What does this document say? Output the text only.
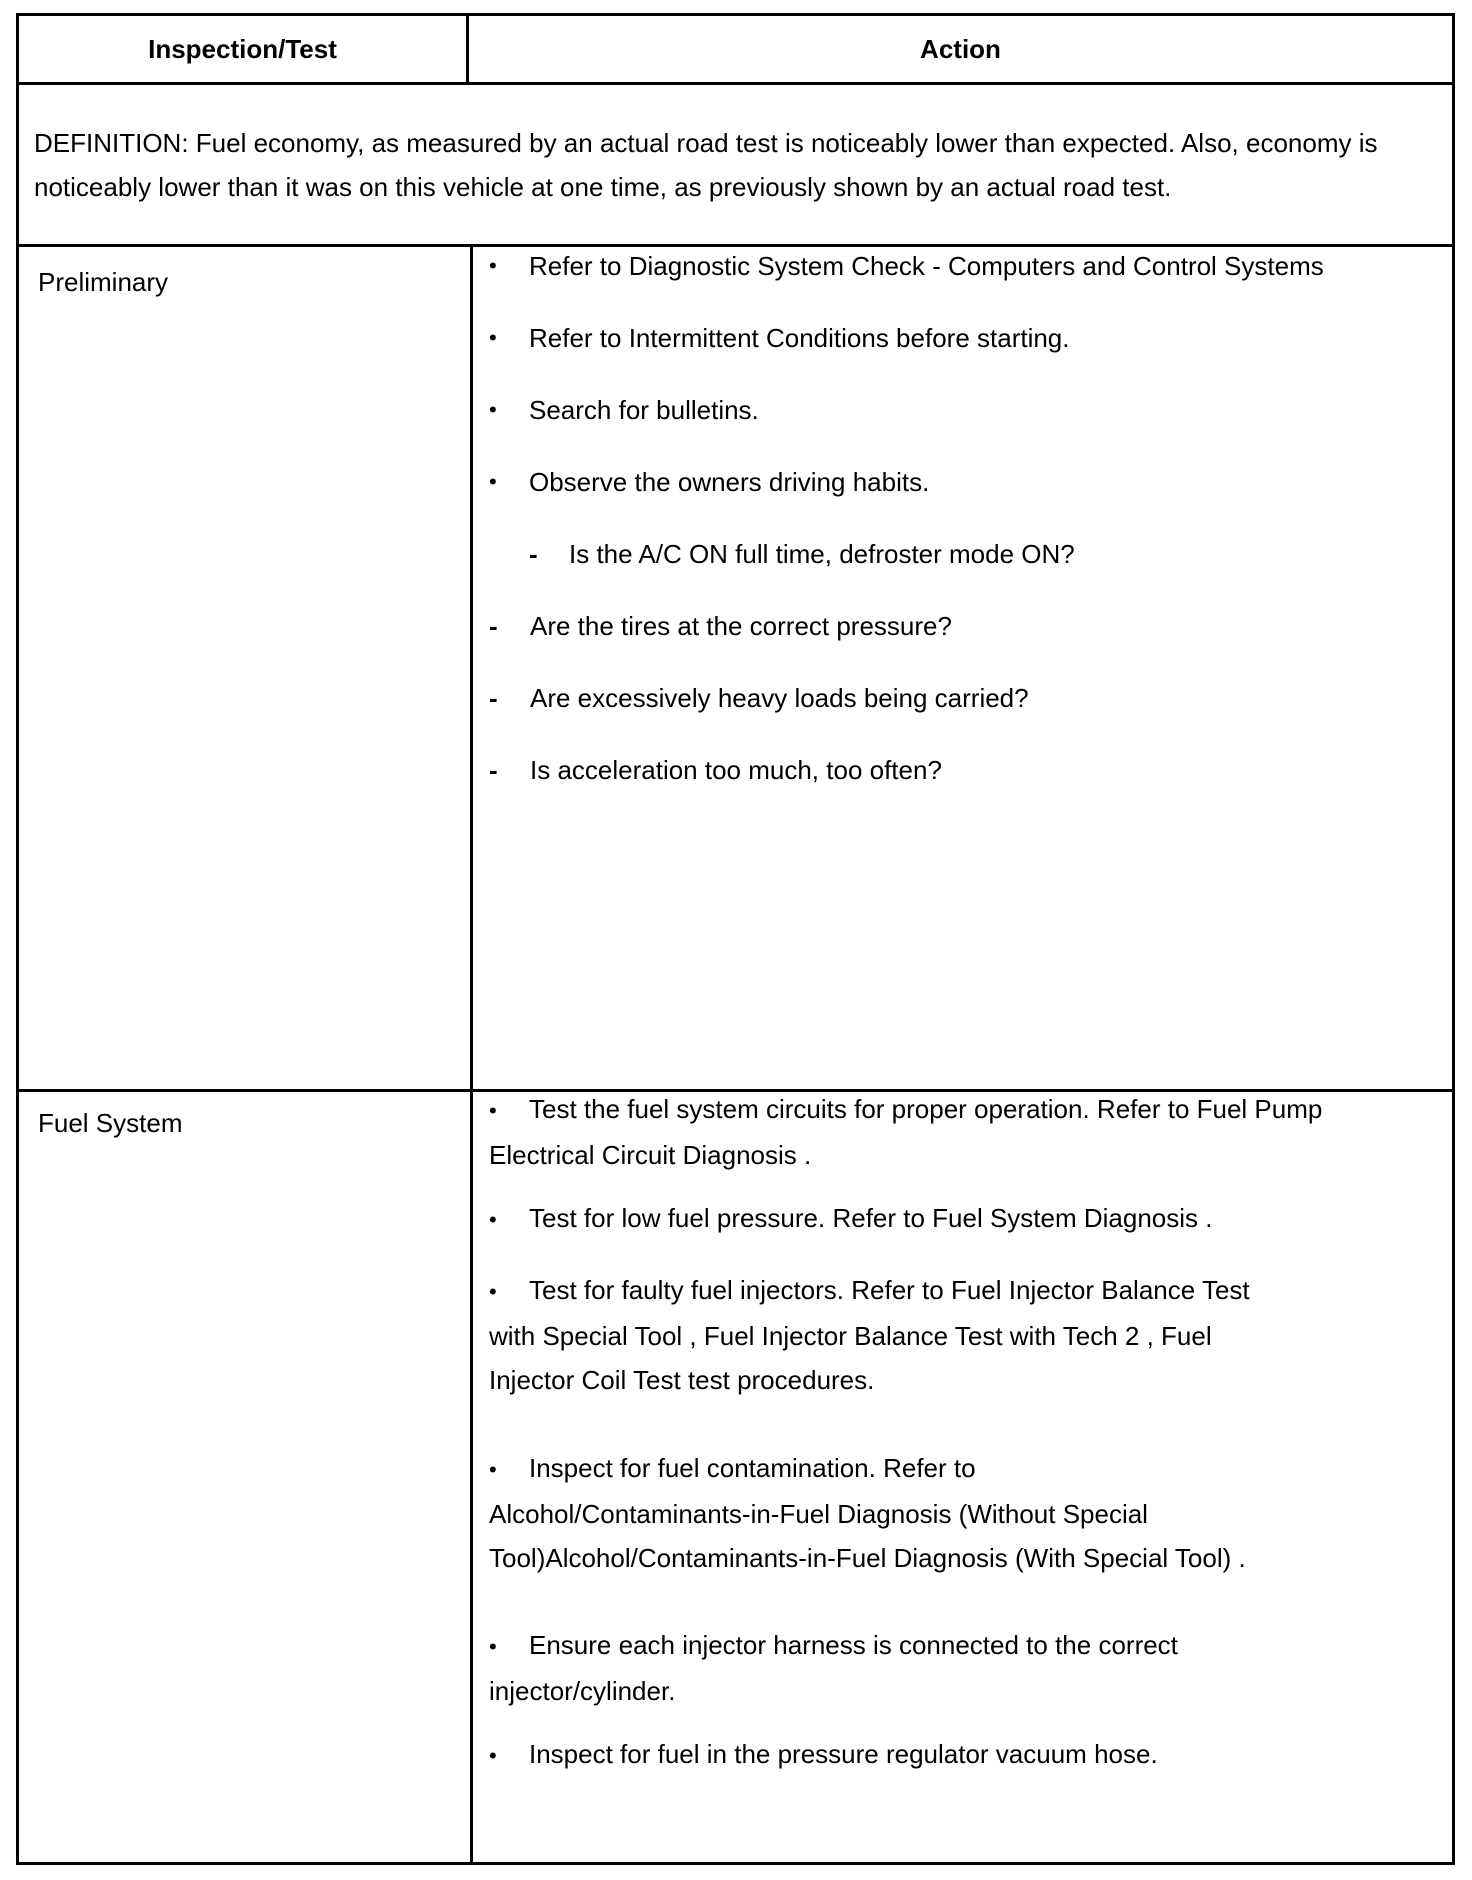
Inspection/Test	Action
DEFINITION: Fuel economy, as measured by an actual road test is noticeably lower than expected. Also, economy is noticeably lower than it was on this vehicle at one time, as previously shown by an actual road test.
Preliminary
• Refer to Diagnostic System Check - Computers and Control Systems
• Refer to Intermittent Conditions before starting.
• Search for bulletins.
• Observe the owners driving habits.
- Is the A/C ON full time, defroster mode ON?
- Are the tires at the correct pressure?
- Are excessively heavy loads being carried?
- Is acceleration too much, too often?
Fuel System	• Test the fuel system circuits for proper operation. Refer to Fuel Pump
Electrical Circuit Diagnosis .
• Test for low fuel pressure. Refer to Fuel System Diagnosis .
• Test for faulty fuel injectors. Refer to Fuel Injector Balance Test
with Special Tool , Fuel Injector Balance Test with Tech 2 , Fuel
Injector Coil Test test procedures.
• Inspect for fuel contamination. Refer to
Alcohol/Contaminants-in-Fuel Diagnosis (Without Special
Tool)Alcohol/Contaminants-in-Fuel Diagnosis (With Special Tool) .
• Ensure each injector harness is connected to the correct
injector/cylinder.
• Inspect for fuel in the pressure regulator vacuum hose.
